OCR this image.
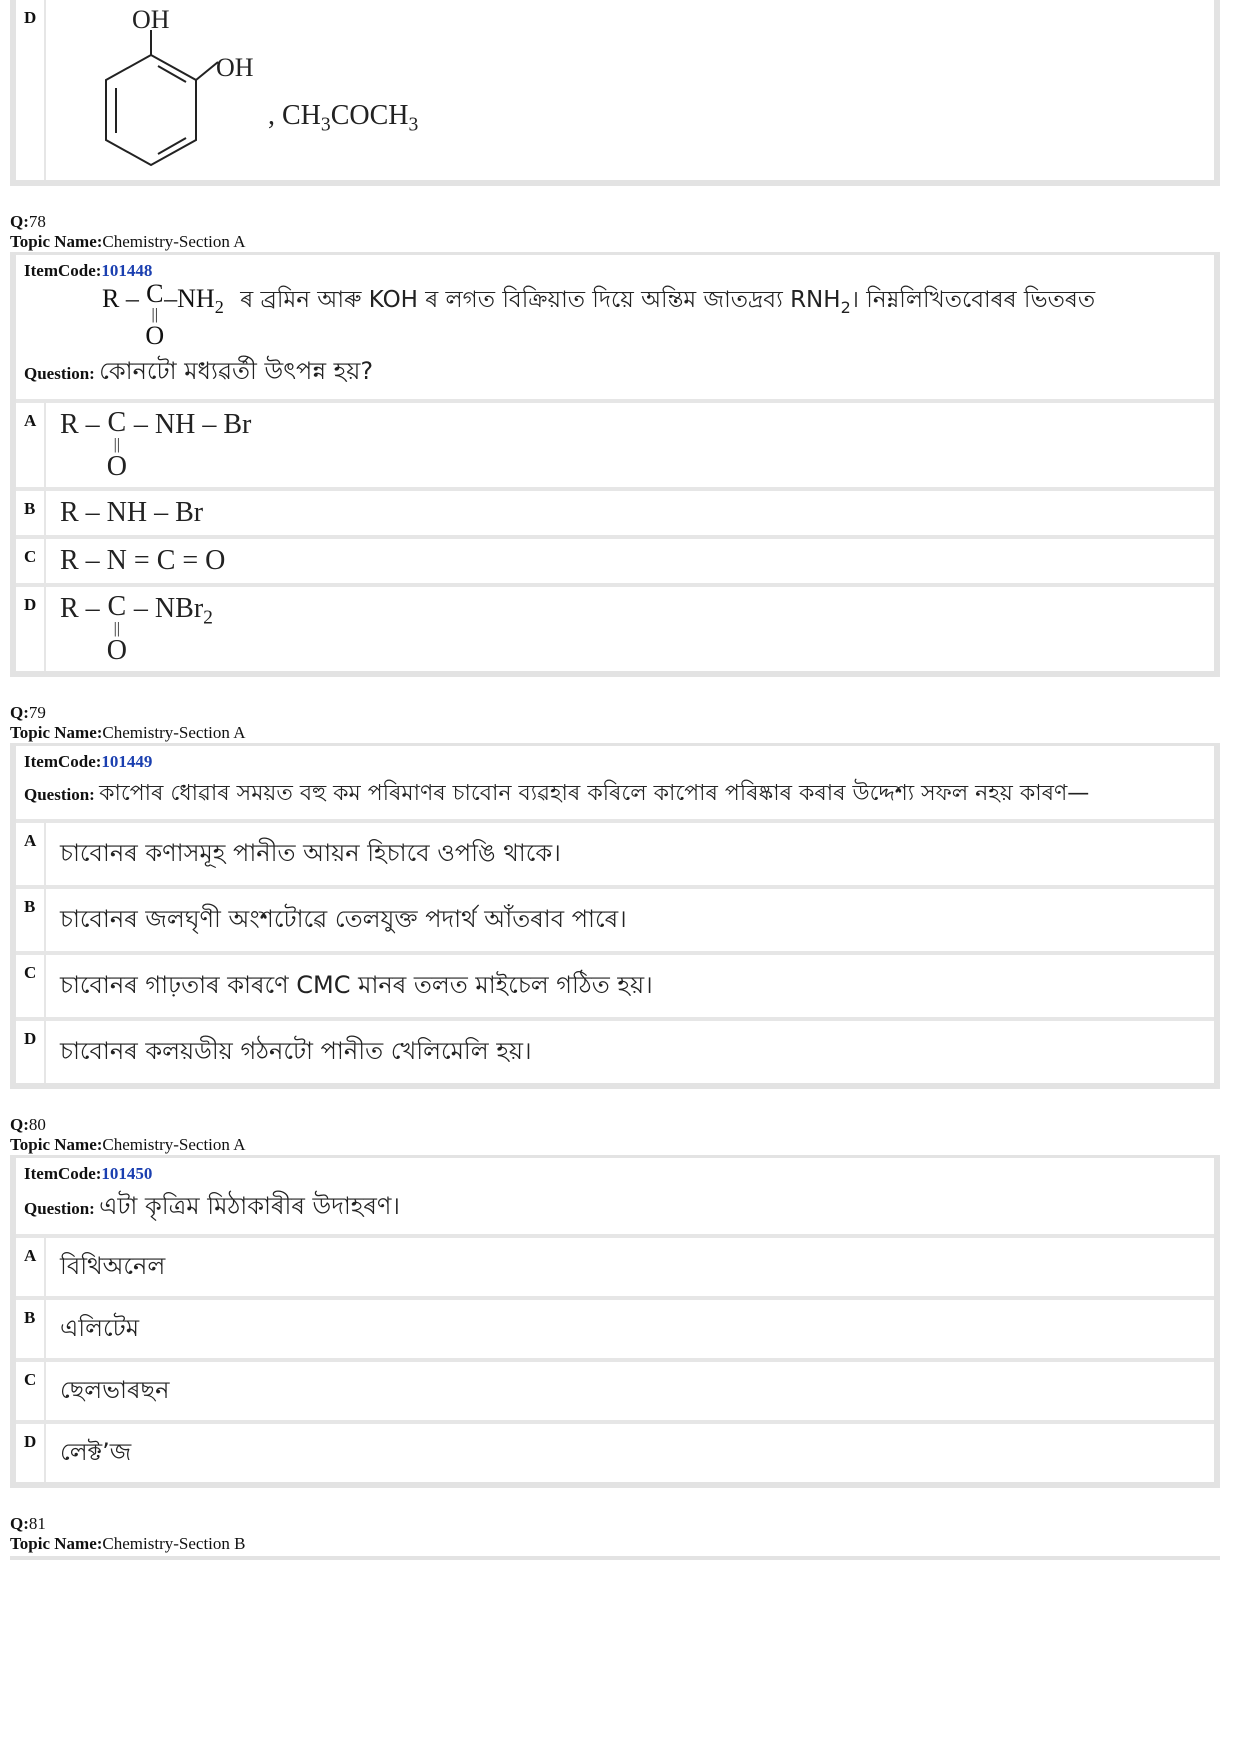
D	OH
OH
, $CH_3COCH_3$
Q:78
Topic Name:Chemistry-Section A
ItemCode:101448
R – C
||
O
$-NH_2$ ৰ ব্ৰমিন আৰু KOH ৰ লগত বিক্ৰিয়াত দিয়ে অন্তিম জাতদ্ৰব্য $RNH_2।$ নিম্নলিখিতবোৰৰ ভিতৰত
Question: কোনটো মধ্যৱৰ্তী উৎপন্ন হয়?
A R – C
||
O
– NH – Br
B R – NH – Br
C R – N = C = O
D R – C
||
O
– NBr$_2$
Q:79
Topic Name:Chemistry-Section A
ItemCode:101449
Question: কাপোৰ ধোৱাৰ সময়ত বহু কম পৰিমাণৰ চাবোন ব্যৱহাৰ কৰিলে কাপোৰ পৰিষ্কাৰ কৰাৰ উদ্দেশ্য সফল নহয় কাৰণ—
A চাবোনৰ কণাসমূহ পানীত আয়ন হিচাবে ওপঙি থাকে।
B	চাবোনৰ জলঘৃণী অংশটোৱে তেলযুক্ত পদাৰ্থ আঁতৰাব পাৰে।
C চাবোনৰ গাঢ়তাৰ কাৰণে CMC মানৰ তলত মাইচেল গঠিত হয়।
D চাবোনৰ কলয়ডীয় গঠনটো পানীত খেলিমেলি হয়।
Q:80
Topic Name:Chemistry-Section A
ItemCode:101450
Question: এটা কৃত্ৰিম মিঠাকাৰীৰ উদাহৰণ।
A বিথিঅনেল
B	এলিটেম
C ছেলভাৰছন
D লেক্টʼজ
Q:81
Topic Name:Chemistry-Section B
